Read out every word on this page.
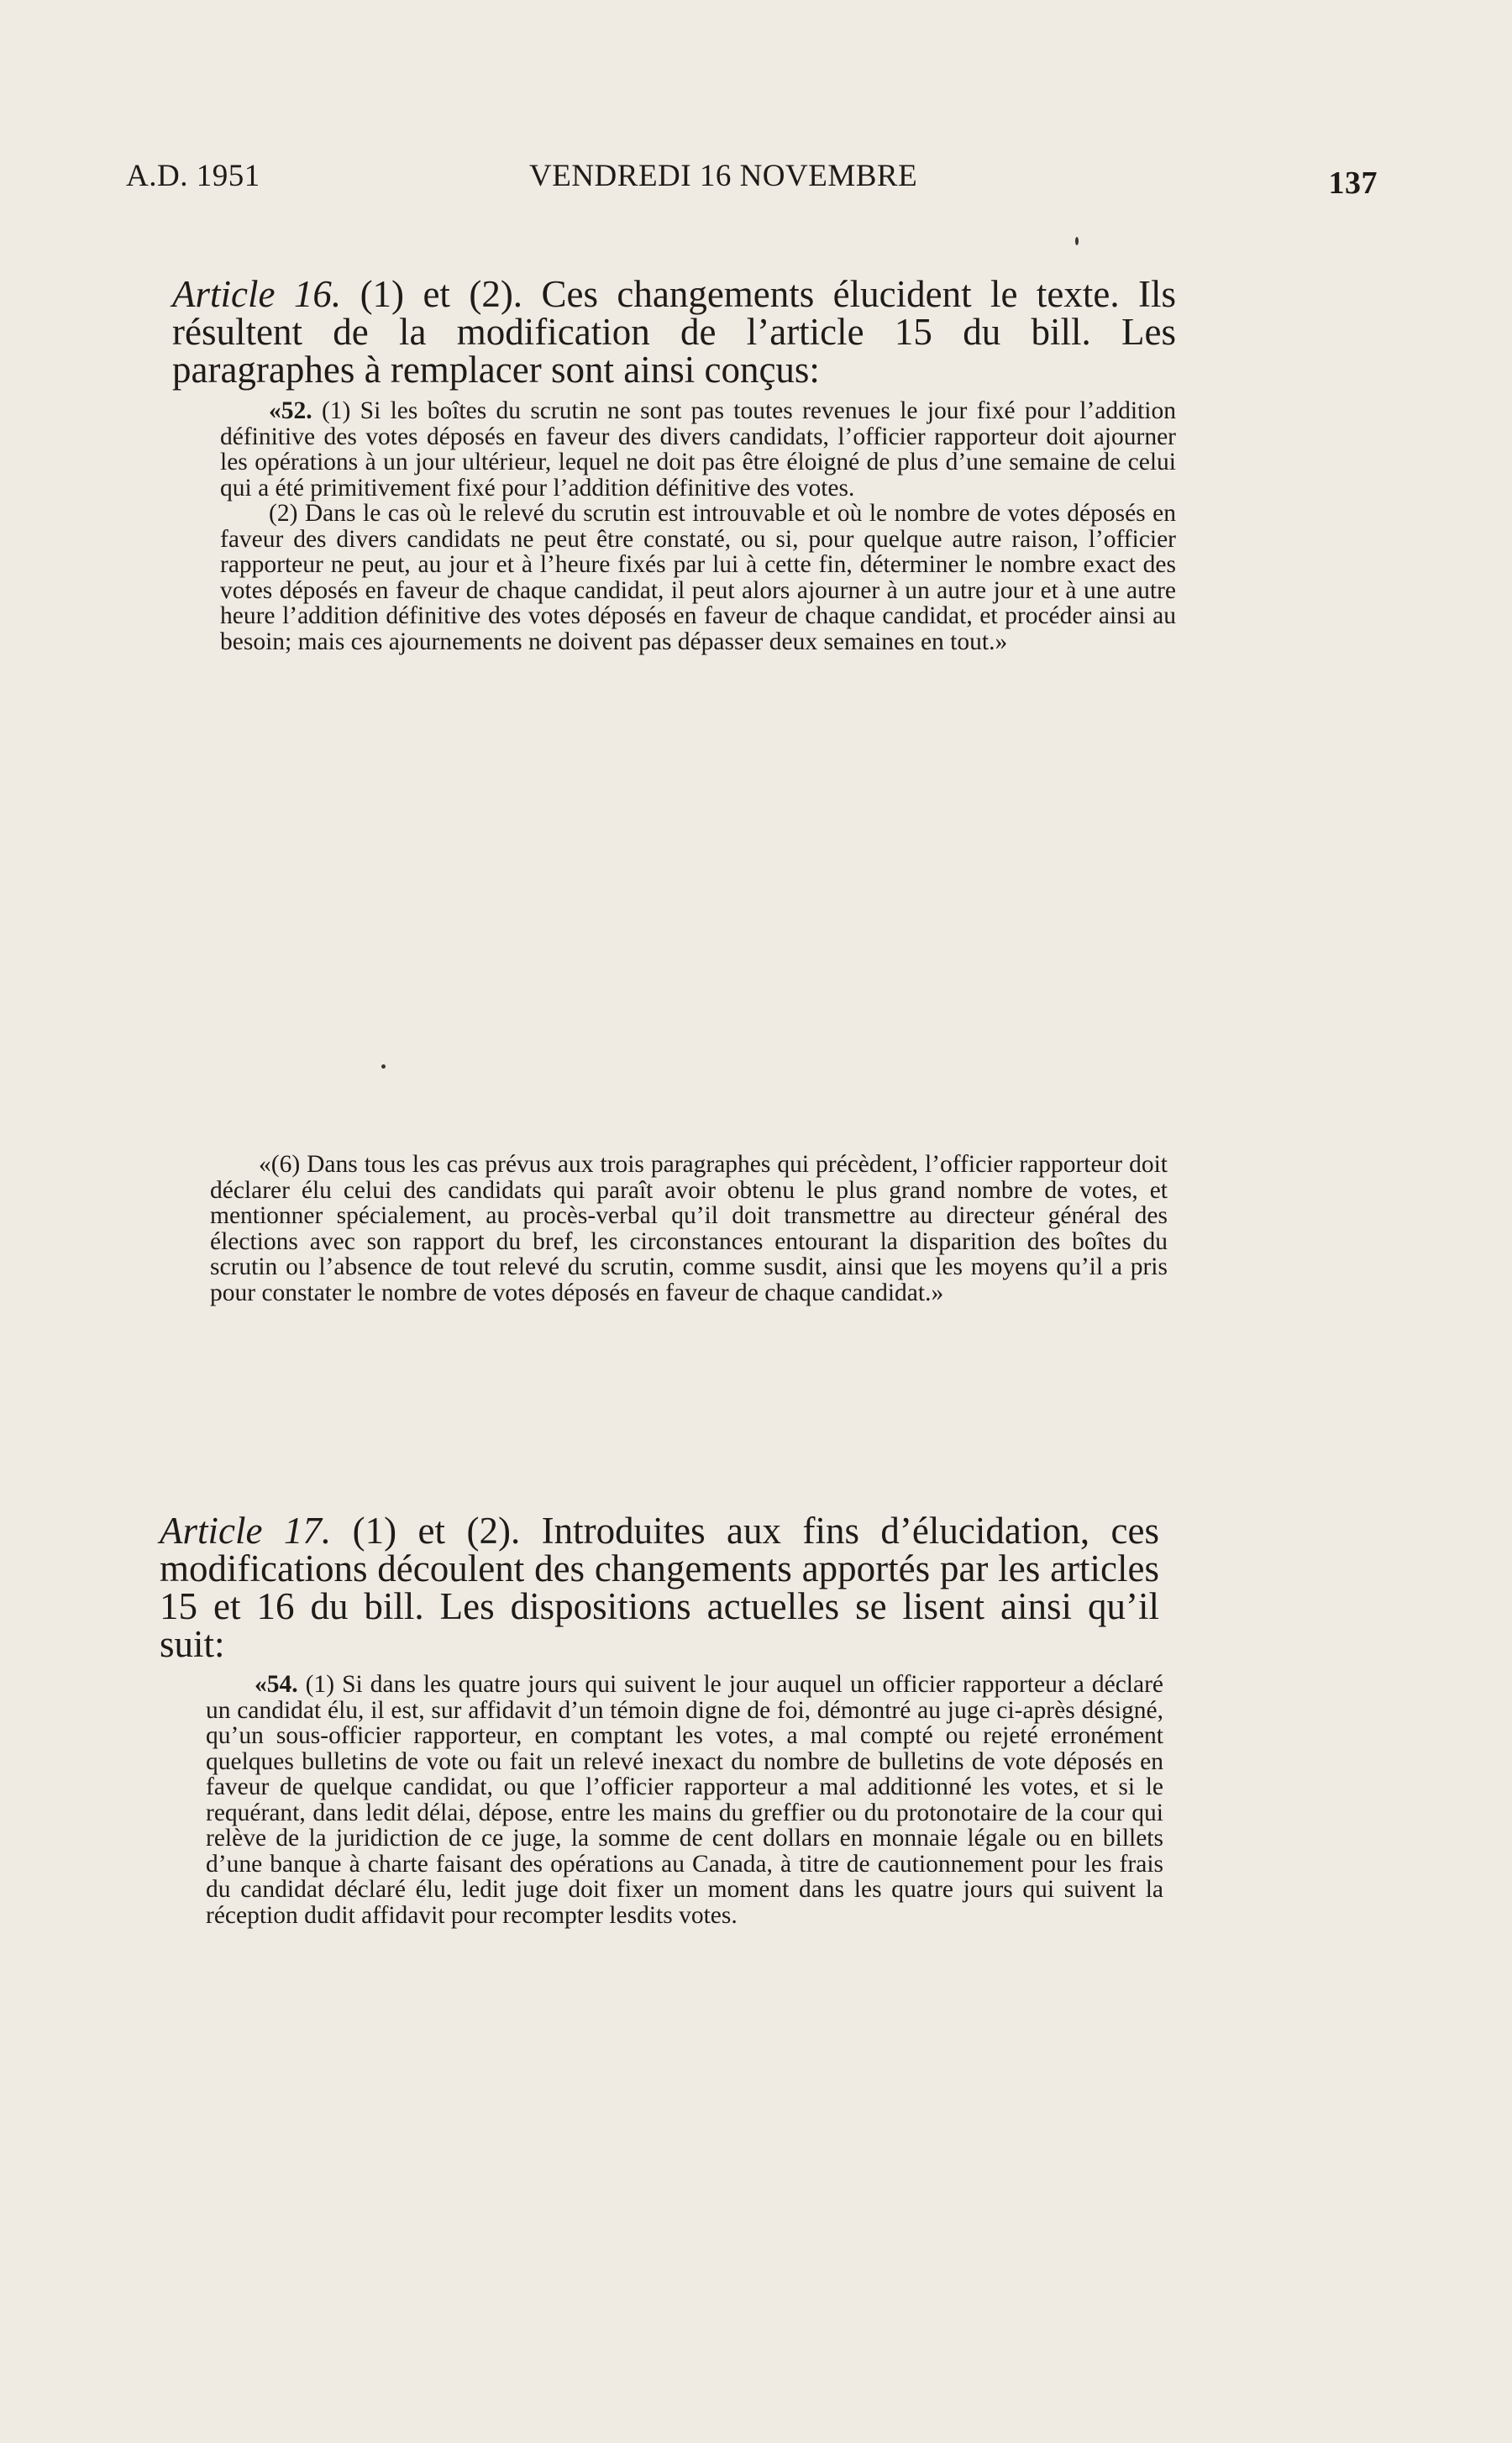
A.D. 1951	VENDREDI 16 NOVEMBRE	137
Article 16. (1) et (2). Ces changements élucident le texte. Ils résultent de la modification de l’article 15 du bill. Les paragraphes à remplacer sont ainsi conçus:

«52. (1) Si les boîtes du scrutin ne sont pas toutes revenues le jour fixé pour l’addition définitive des votes déposés en faveur des divers candidats, l’officier rapporteur doit ajourner les opérations à un jour ultérieur, lequel ne doit pas être éloigné de plus d’une semaine de celui qui a été primitivement fixé pour l’addition définitive des votes.

(2) Dans le cas où le relevé du scrutin est introuvable et où le nombre de votes déposés en faveur des divers candidats ne peut être constaté, ou si, pour quelque autre raison, l’officier rapporteur ne peut, au jour et à l’heure fixés par lui à cette fin, déterminer le nombre exact des votes déposés en faveur de chaque candidat, il peut alors ajourner à un autre jour et à une autre heure l’addition définitive des votes déposés en faveur de chaque candidat, et procéder ainsi au besoin; mais ces ajournements ne doivent pas dépasser deux semaines en tout.»

«(6) Dans tous les cas prévus aux trois paragraphes qui précèdent, l’officier rapporteur doit déclarer élu celui des candidats qui paraît avoir obtenu le plus grand nombre de votes, et mentionner spécialement, au procès-verbal qu’il doit transmettre au directeur général des élections avec son rapport du bref, les circonstances entourant la disparition des boîtes du scrutin ou l’absence de tout relevé du scrutin, comme susdit, ainsi que les moyens qu’il a pris pour constater le nombre de votes déposés en faveur de chaque candidat.»

Article 17. (1) et (2). Introduites aux fins d’élucidation, ces modifications découlent des changements apportés par les articles 15 et 16 du bill. Les dispositions actuelles se lisent ainsi qu’il suit:

«54. (1) Si dans les quatre jours qui suivent le jour auquel un officier rapporteur a déclaré un candidat élu, il est, sur affidavit d’un témoin digne de foi, démontré au juge ci-après désigné, qu’un sous-officier rapporteur, en comptant les votes, a mal compté ou rejeté erronément quelques bulletins de vote ou fait un relevé inexact du nombre de bulletins de vote déposés en faveur de quelque candidat, ou que l’officier rapporteur a mal additionné les votes, et si le requérant, dans ledit délai, dépose, entre les mains du greffier ou du protonotaire de la cour qui relève de la juridiction de ce juge, la somme de cent dollars en monnaie légale ou en billets d’une banque à charte faisant des opérations au Canada, à titre de cautionnement pour les frais du candidat déclaré élu, ledit juge doit fixer un moment dans les quatre jours qui suivent la réception dudit affidavit pour recompter lesdits votes.
